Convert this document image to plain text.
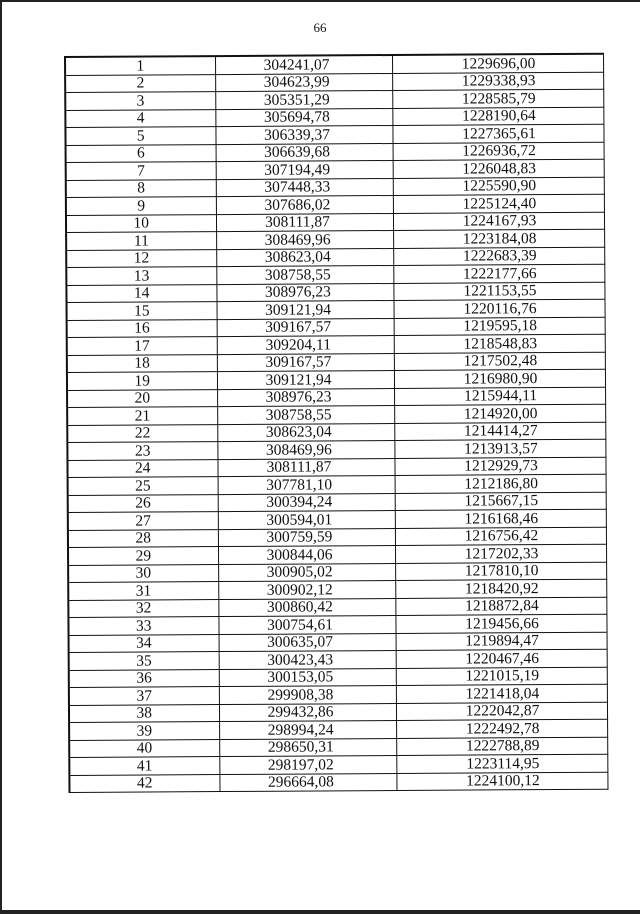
66
1	304241,07	1229696,00
2	304623,99	1229338,93
3	305351,29	1228585,79
4	305694,78	1228190,64
5	306339,37	1227365,61
6	306639,68	1226936,72
7	307194,49	1226048,83
8	307448,33	1225590,90
9	307686,02	1225124,40
10	308111,87	1224167,93
11	308469,96	1223184,08
12	308623,04	1222683,39
13	308758,55	1222177,66
14	308976,23	1221153,55
15	309121,94	1220116,76
16	309167,57	1219595,18
17	309204,11	1218548,83
18	309167,57	1217502,48
19	309121,94	1216980,90
20	308976,23	1215944,11
21	308758,55	1214920,00
22	308623,04	1214414,27
23	308469,96	1213913,57
24	308111,87	1212929,73
25	307781,10	1212186,80
26	300394,24	1215667,15
27	300594,01	1216168,46
28	300759,59	1216756,42
29	300844,06	1217202,33
30	300905,02	1217810,10
31	300902,12	1218420,92
32	300860,42	1218872,84
33	300754,61	1219456,66
34	300635,07	1219894,47
35	300423,43	1220467,46
36	300153,05	1221015,19
37	299908,38	1221418,04
38	299432,86	1222042,87
39	298994,24	1222492,78
40	298650,31	1222788,89
41	298197,02	1223114,95
42	296664,08	1224100,12
